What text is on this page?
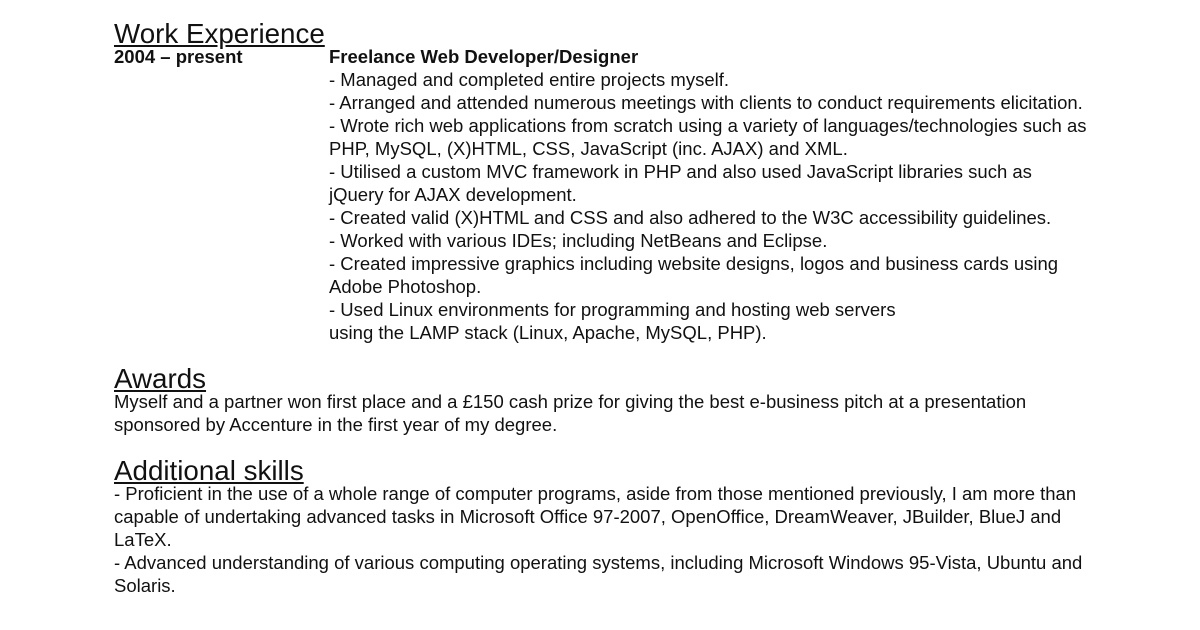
Work Experience
2004 – present	Freelance Web Developer/Designer

- Managed and completed entire projects myself.

- Arranged and attended numerous meetings with clients to conduct requirements elicitation.

- Wrote rich web applications from scratch using a variety of languages/technologies such as PHP, MySQL, (X)HTML, CSS, JavaScript (inc. AJAX) and XML.

- Utilised a custom MVC framework in PHP and also used JavaScript libraries such as jQuery for AJAX development.

- Created valid (X)HTML and CSS and also adhered to the W3C accessibility guidelines.

- Worked with various IDEs; including NetBeans and Eclipse.

- Created impressive graphics including website designs, logos and business cards using Adobe Photoshop.

- Used Linux environments for programming and hosting web servers

using the LAMP stack (Linux, Apache, MySQL, PHP).

Awards

Myself and a partner won first place and a £150 cash prize for giving the best e-business pitch at a presentation sponsored by Accenture in the first year of my degree.

Additional skills

- Proficient in the use of a whole range of computer programs, aside from those mentioned previously, I am more than capable of undertaking advanced tasks in Microsoft Office 97-2007, OpenOffice, DreamWeaver, JBuilder, BlueJ and LaTeX.

- Advanced understanding of various computing operating systems, including Microsoft Windows 95-Vista, Ubuntu and Solaris.
